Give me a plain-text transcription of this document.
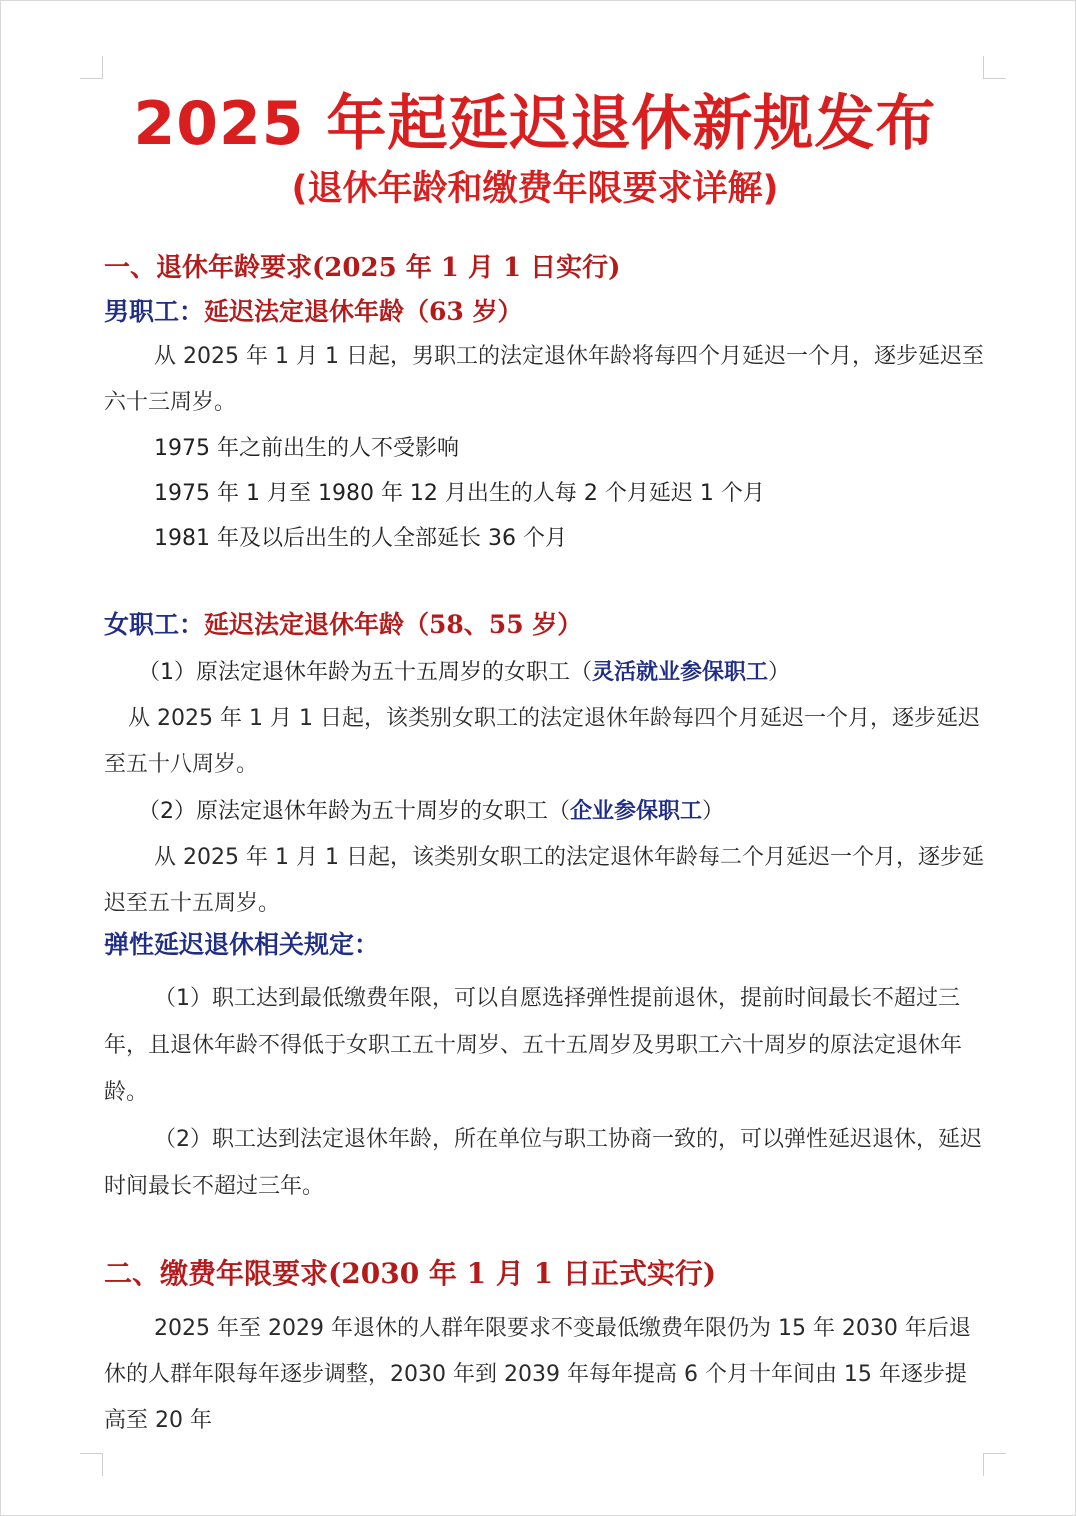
2025 年起延迟退休新规发布
(退休年龄和缴费年限要求详解)
一、退休年龄要求(2025 年 1 月 1 日实行)
男职工：延迟法定退休年龄（63 岁）
从 2025 年 1 月 1 日起，男职工的法定退休年龄将每四个月延迟一个月，逐步延迟至六十三周岁。
1975 年之前出生的人不受影响
1975 年 1 月至 1980 年 12 月出生的人每 2 个月延迟 1 个月
1981 年及以后出生的人全部延长 36 个月
女职工：延迟法定退休年龄（58、55 岁）
（1）原法定退休年龄为五十五周岁的女职工（灵活就业参保职工）
从 2025 年 1 月 1 日起，该类别女职工的法定退休年龄每四个月延迟一个月，逐步延迟至五十八周岁。
（2）原法定退休年龄为五十周岁的女职工（企业参保职工）
从 2025 年 1 月 1 日起，该类别女职工的法定退休年龄每二个月延迟一个月，逐步延迟至五十五周岁。
弹性延迟退休相关规定：
（1）职工达到最低缴费年限，可以自愿选择弹性提前退休，提前时间最长不超过三年，且退休年龄不得低于女职工五十周岁、五十五周岁及男职工六十周岁的原法定退休年龄。
（2）职工达到法定退休年龄，所在单位与职工协商一致的，可以弹性延迟退休，延迟时间最长不超过三年。
二、缴费年限要求(2030 年 1 月 1 日正式实行)
2025 年至 2029 年退休的人群年限要求不变最低缴费年限仍为 15 年 2030 年后退休的人群年限每年逐步调整，2030 年到 2039 年每年提高 6 个月十年间由 15 年逐步提高至 20 年
